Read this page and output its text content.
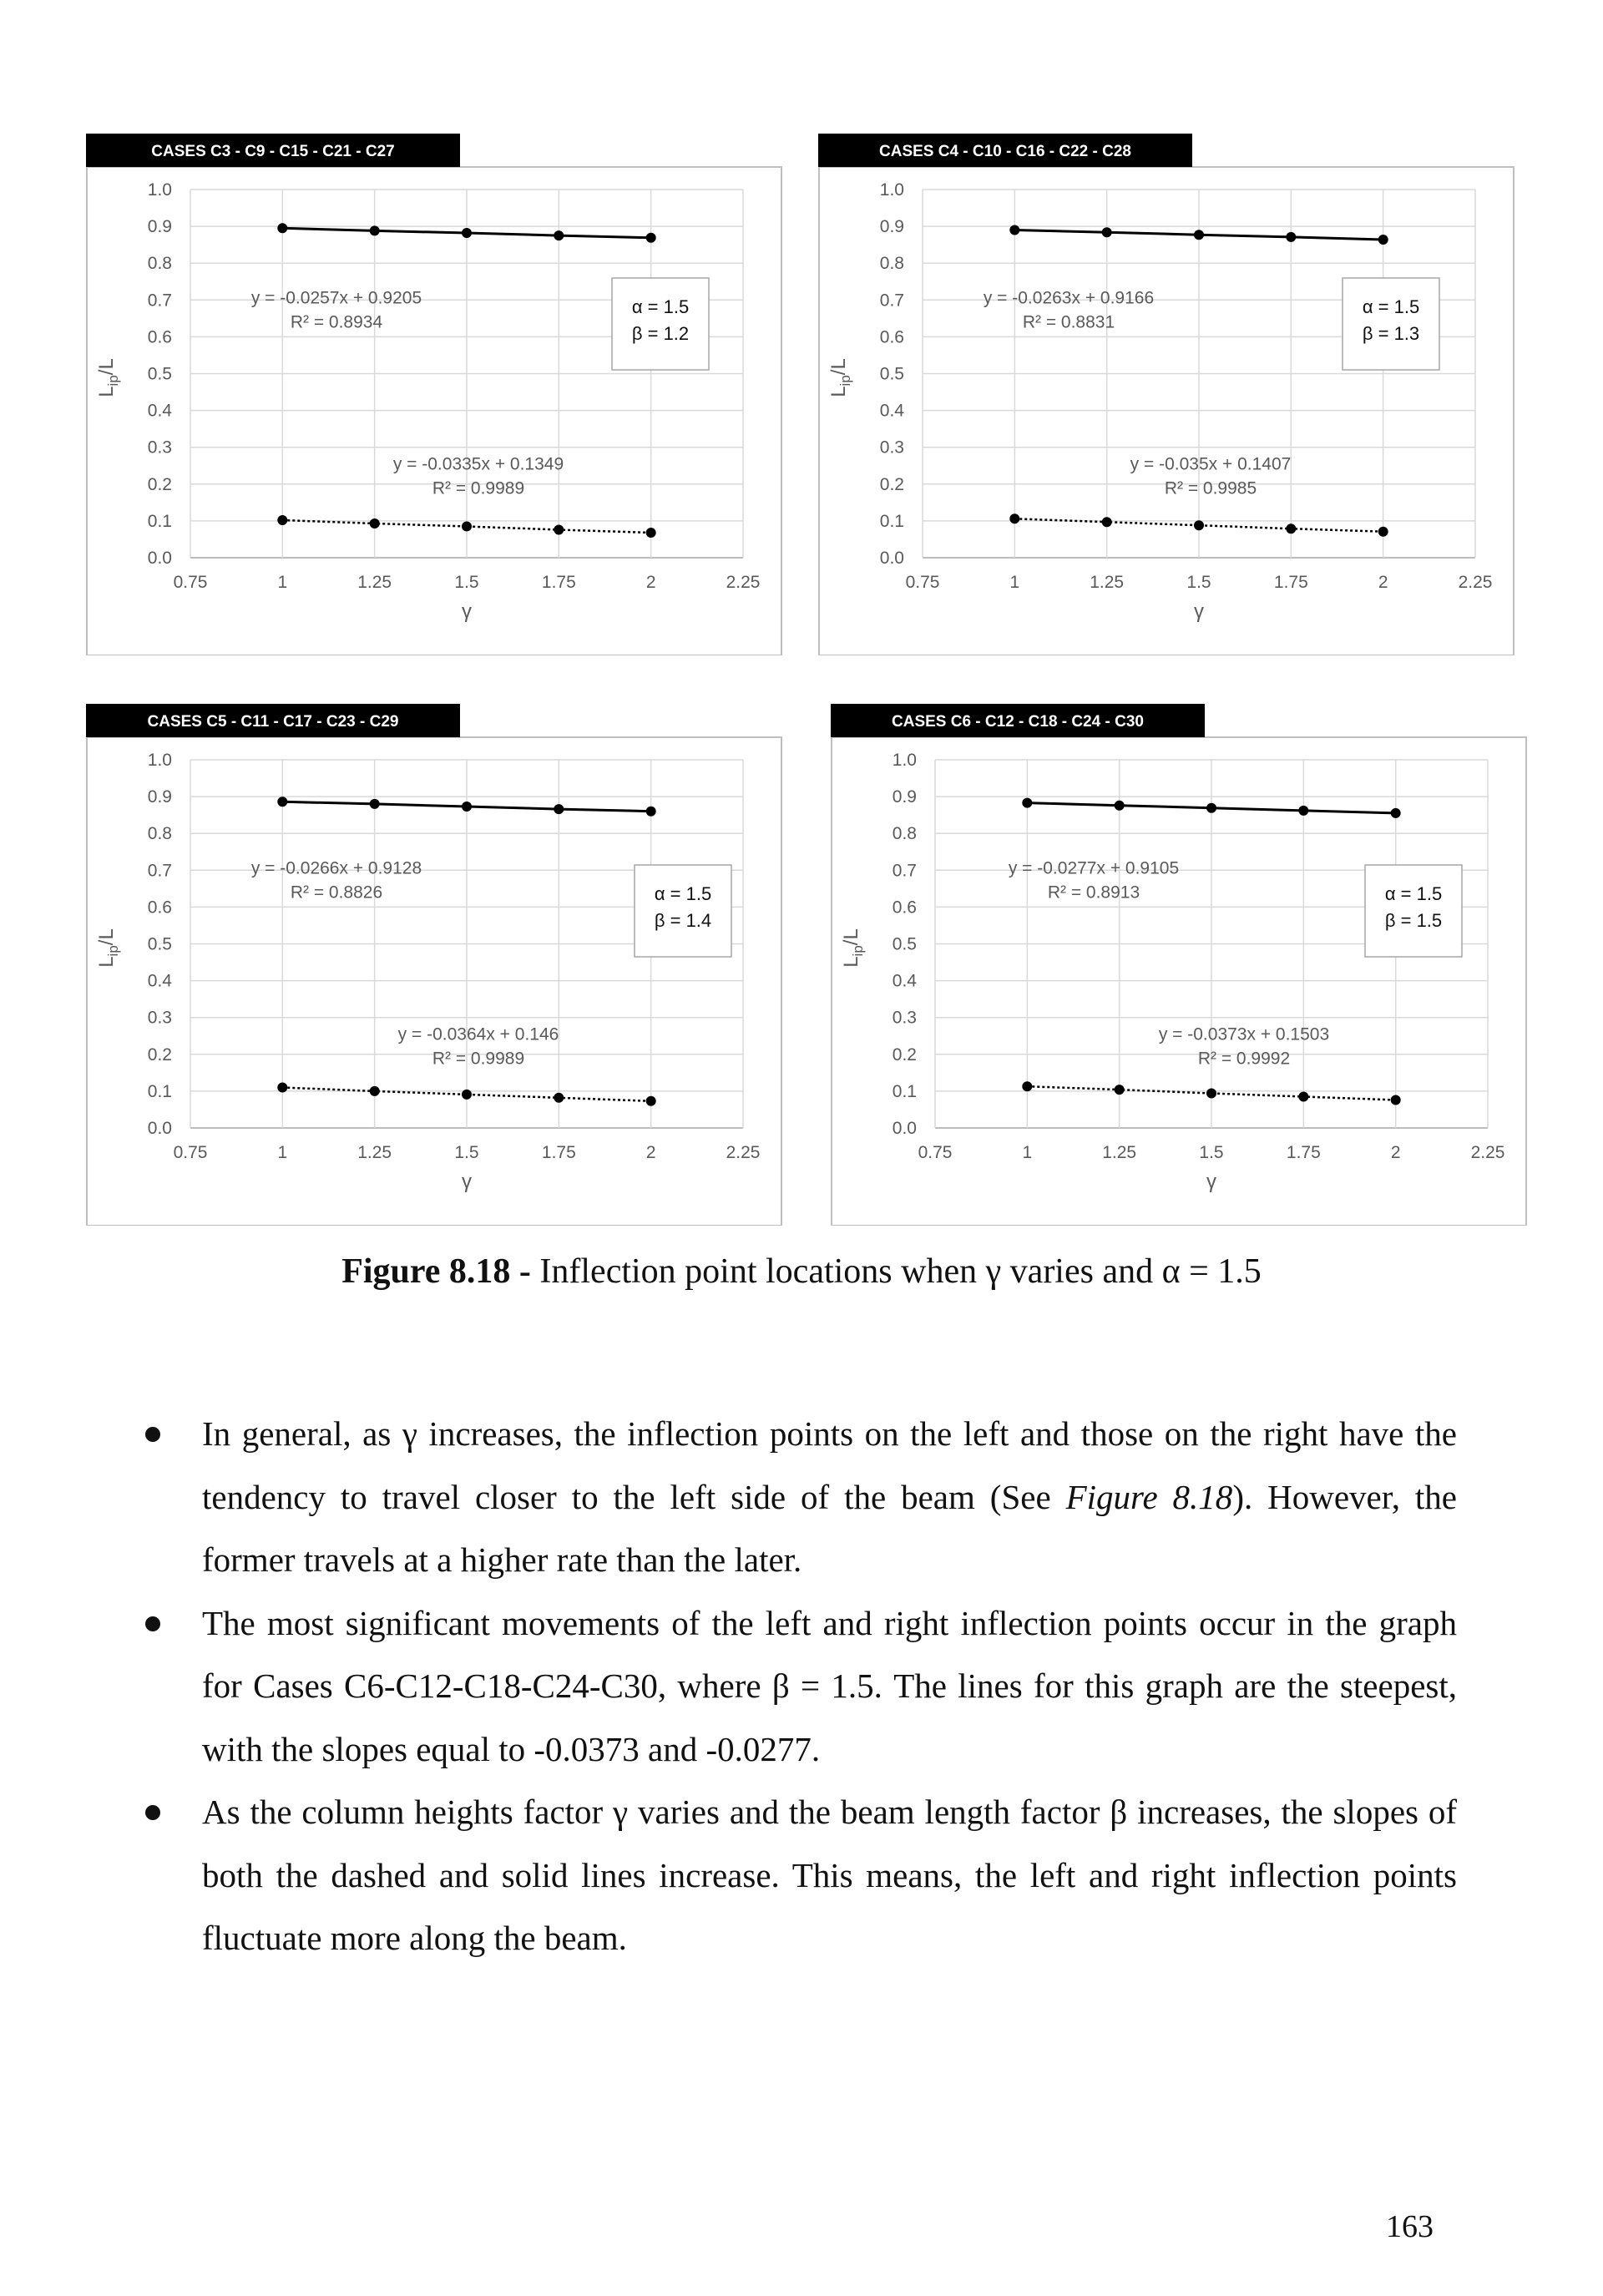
CASES C3 - C9 - C15 - C21 - C27
0.0
0.1
0.2
0.3
0.4
0.5
0.6
0.7
0.8
0.9
1.0
0.75	1	1.25	1.5	1.75	2	2.25
γ
$L_{ip}/L$
y = -0.0257x + 0.9205
R² = 0.8934
y = -0.0335x + 0.1349
R² = 0.9989
α = 1.5
β = 1.2
CASES C4 - C10 - C16 - C22 - C28
0.0
0.1
0.2
0.3
0.4
0.5
0.6
0.7
0.8
0.9
1.0
0.75	1	1.25	1.5	1.75	2	2.25
γ
$L_{ip}/L$
y = -0.0263x + 0.9166
R² = 0.8831
y = -0.035x + 0.1407
R² = 0.9985
α = 1.5
β = 1.3
CASES C5 - C11 - C17 - C23 - C29
0.0
0.1
0.2
0.3
0.4
0.5
0.6
0.7
0.8
0.9
1.0
0.75	1	1.25	1.5	1.75	2	2.25
γ
$L_{ip}/L$
y = -0.0266x + 0.9128
R² = 0.8826
y = -0.0364x + 0.146
R² = 0.9989
α = 1.5
β = 1.4
CASES C6 - C12 - C18 - C24 - C30
0.0
0.1
0.2
0.3
0.4
0.5
0.6
0.7
0.8
0.9
1.0
0.75	1	1.25	1.5	1.75	2	2.25
γ
$L_{ip}/L$
y = -0.0277x + 0.9105
R² = 0.8913
y = -0.0373x + 0.1503
R² = 0.9992
α = 1.5
β = 1.5
Figure 8.18 - Inflection point locations when γ varies and α = 1.5
In general, as γ increases, the inflection points on the left and those on the right have the tendency to travel closer to the left side of the beam (See Figure 8.18). However, the former travels at a higher rate than the later.
The most significant movements of the left and right inflection points occur in the graph for Cases C6-C12-C18-C24-C30, where β = 1.5. The lines for this graph are the steepest, with the slopes equal to -0.0373 and -0.0277.
As the column heights factor γ varies and the beam length factor β increases, the slopes of both the dashed and solid lines increase. This means, the left and right inflection points fluctuate more along the beam.
163
